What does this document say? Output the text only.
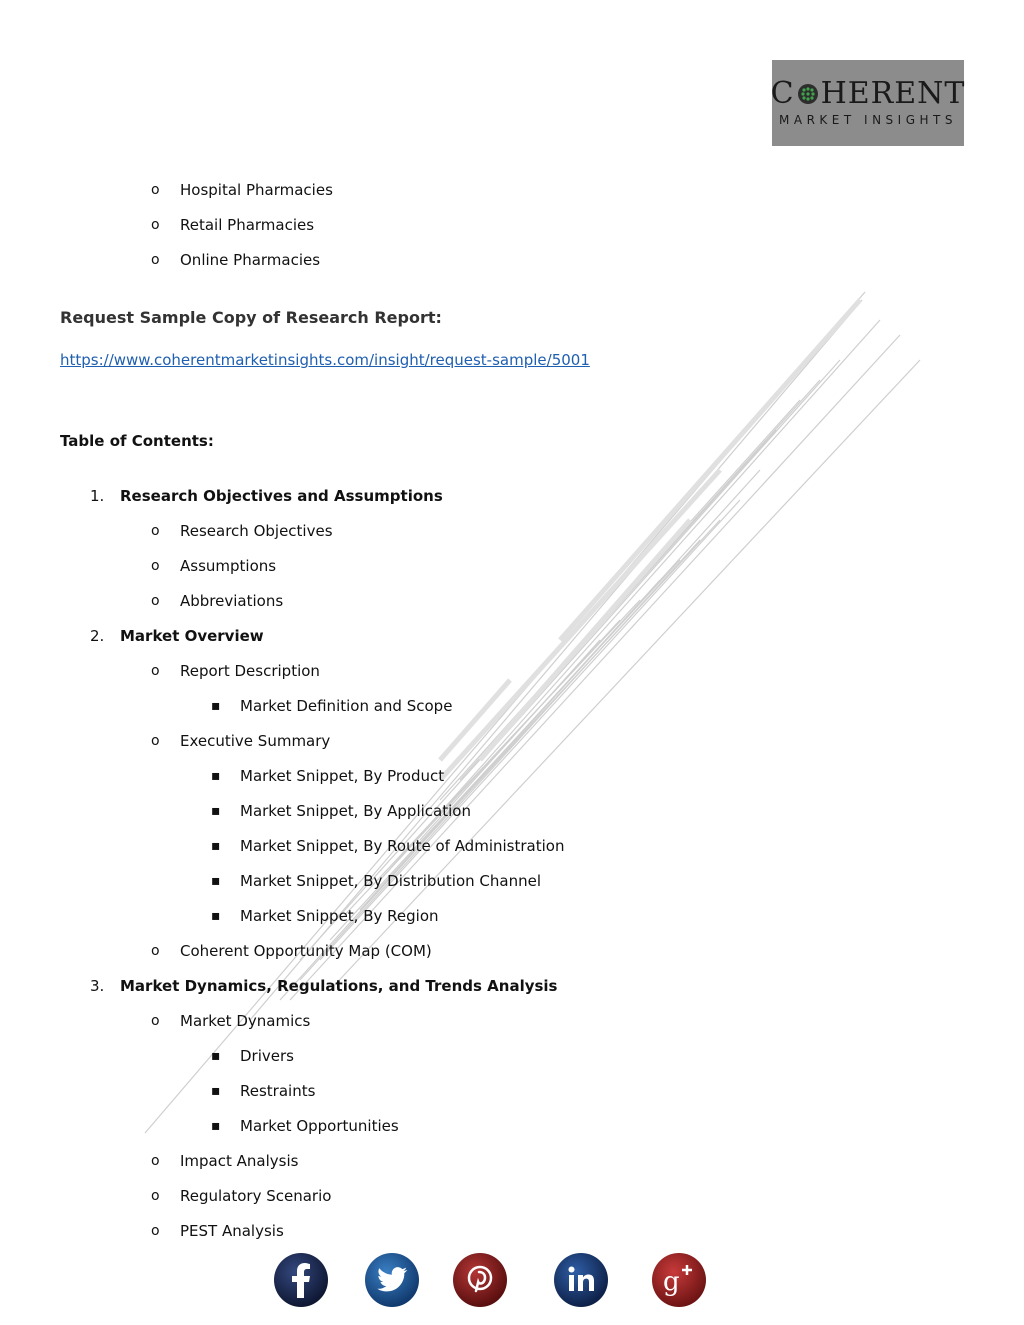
C HERENT
MARKET INSIGHTS
o Hospital Pharmacies
o Retail Pharmacies
o Online Pharmacies
Request Sample Copy of Research Report:
https://www.coherentmarketinsights.com/insight/request-sample/5001
Table of Contents:
1. Research Objectives and Assumptions
o Research Objectives
o Assumptions
o Abbreviations
2. Market Overview
o Report Description
▪ Market Definition and Scope
o Executive Summary
▪ Market Snippet, By Product
▪ Market Snippet, By Application
▪ Market Snippet, By Route of Administration
▪ Market Snippet, By Distribution Channel
▪ Market Snippet, By Region
o Coherent Opportunity Map (COM)
3. Market Dynamics, Regulations, and Trends Analysis
o Market Dynamics
▪ Drivers
▪ Restraints
▪ Market Opportunities
o Impact Analysis
o Regulatory Scenario
o PEST Analysis
g
